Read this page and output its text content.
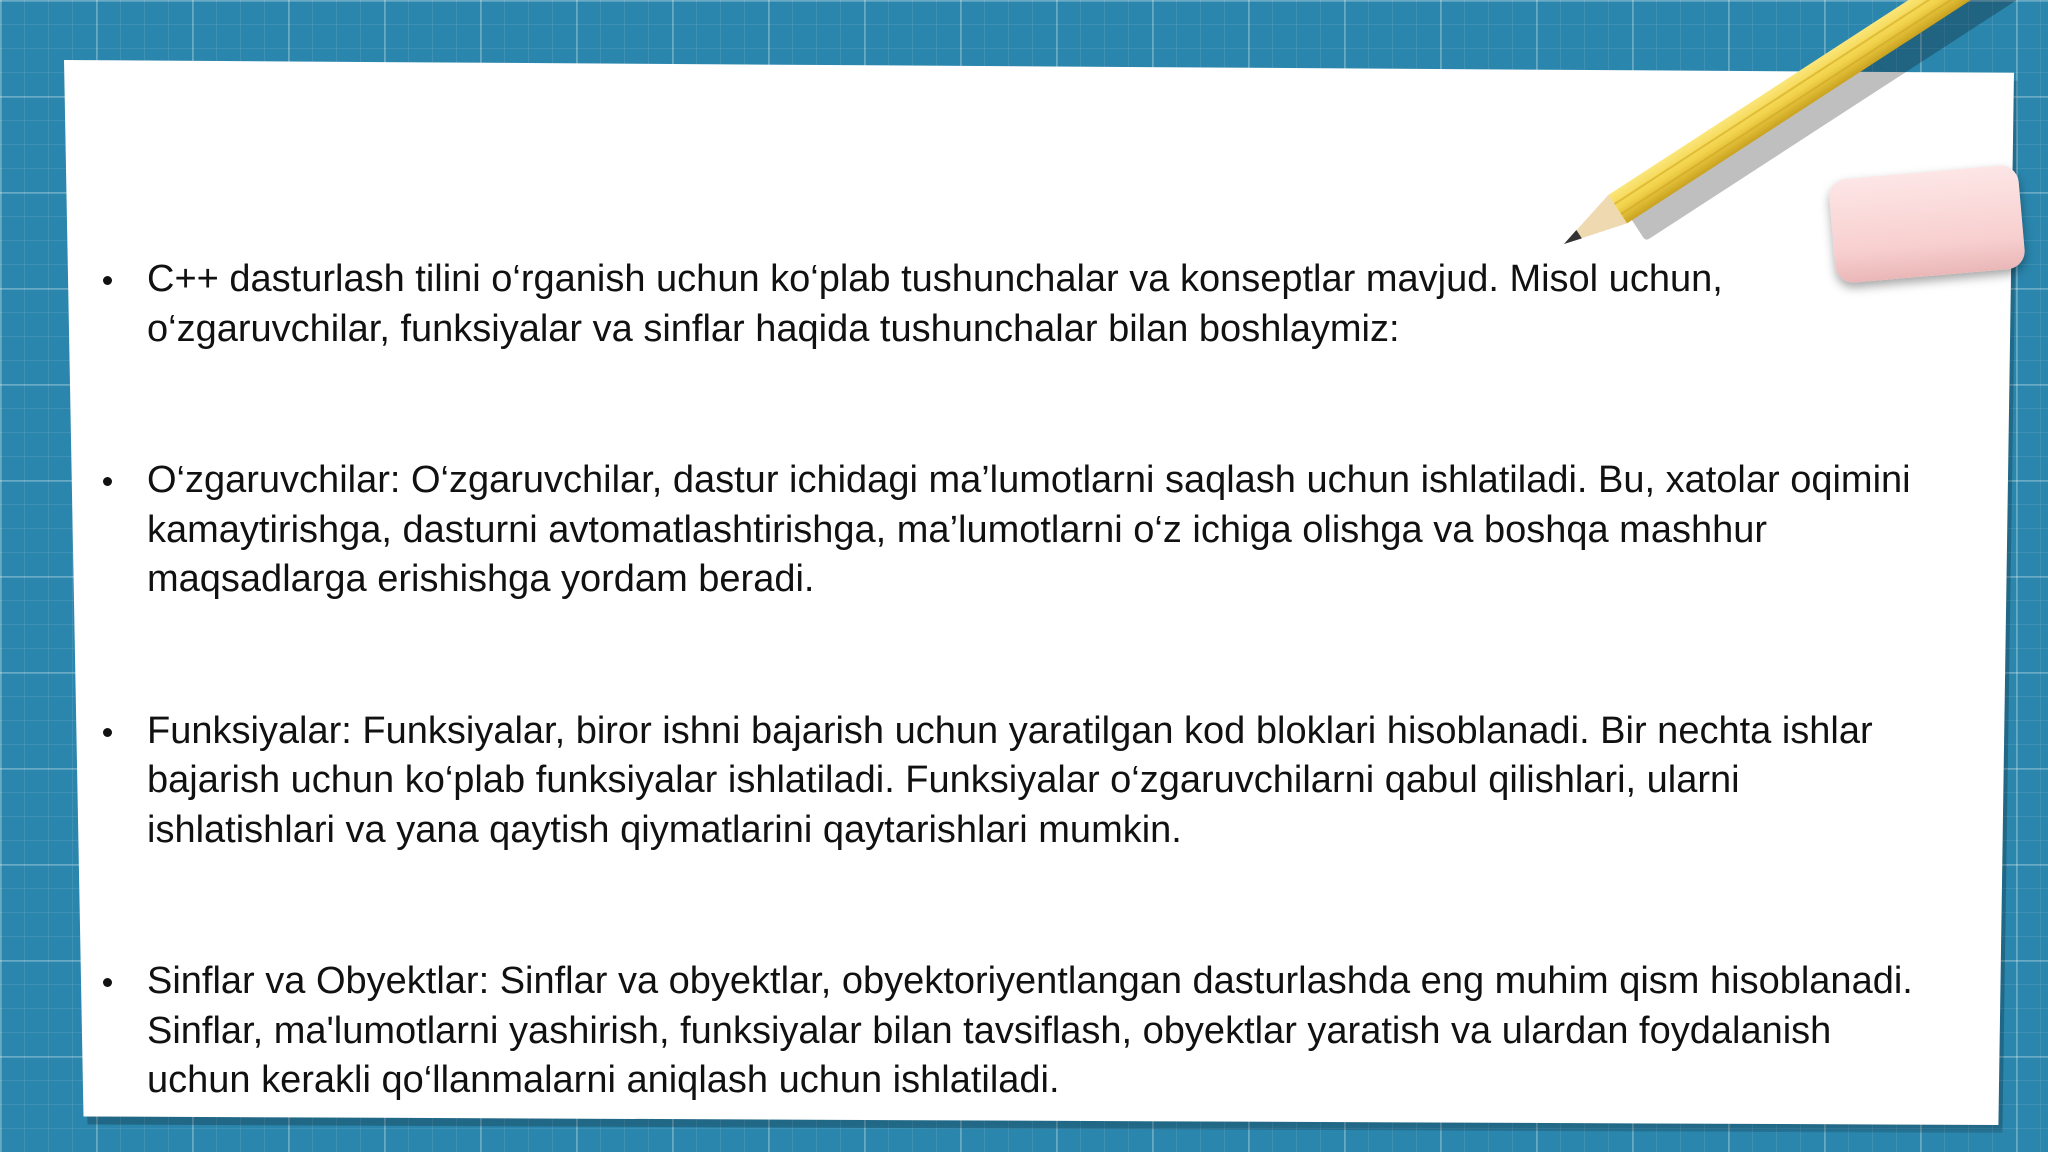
C++ dasturlash tilini o‘rganish uchun ko‘plab tushunchalar va konseptlar mavjud. Misol uchun, o‘zgaruvchilar, funksiyalar va sinflar haqida tushunchalar bilan boshlaymiz:
O‘zgaruvchilar: O‘zgaruvchilar, dastur ichidagi ma’lumotlarni saqlash uchun ishlatiladi. Bu, xatolar oqimini kamaytirishga, dasturni avtomatlashtirishga, ma’lumotlarni o‘z ichiga olishga va boshqa mashhur maqsadlarga erishishga yordam beradi.
Funksiyalar: Funksiyalar, biror ishni bajarish uchun yaratilgan kod bloklari hisoblanadi. Bir nechta ishlar bajarish uchun ko‘plab funksiyalar ishlatiladi. Funksiyalar o‘zgaruvchilarni qabul qilishlari, ularni ishlatishlari va yana qaytish qiymatlarini qaytarishlari mumkin.
Sinflar va Obyektlar: Sinflar va obyektlar, obyektoriyentlangan dasturlashda eng muhim qism hisoblanadi. Sinflar, ma'lumotlarni yashirish, funksiyalar bilan tavsiflash, obyektlar yaratish va ulardan foydalanish uchun kerakli qo‘llanmalarni aniqlash uchun ishlatiladi.
